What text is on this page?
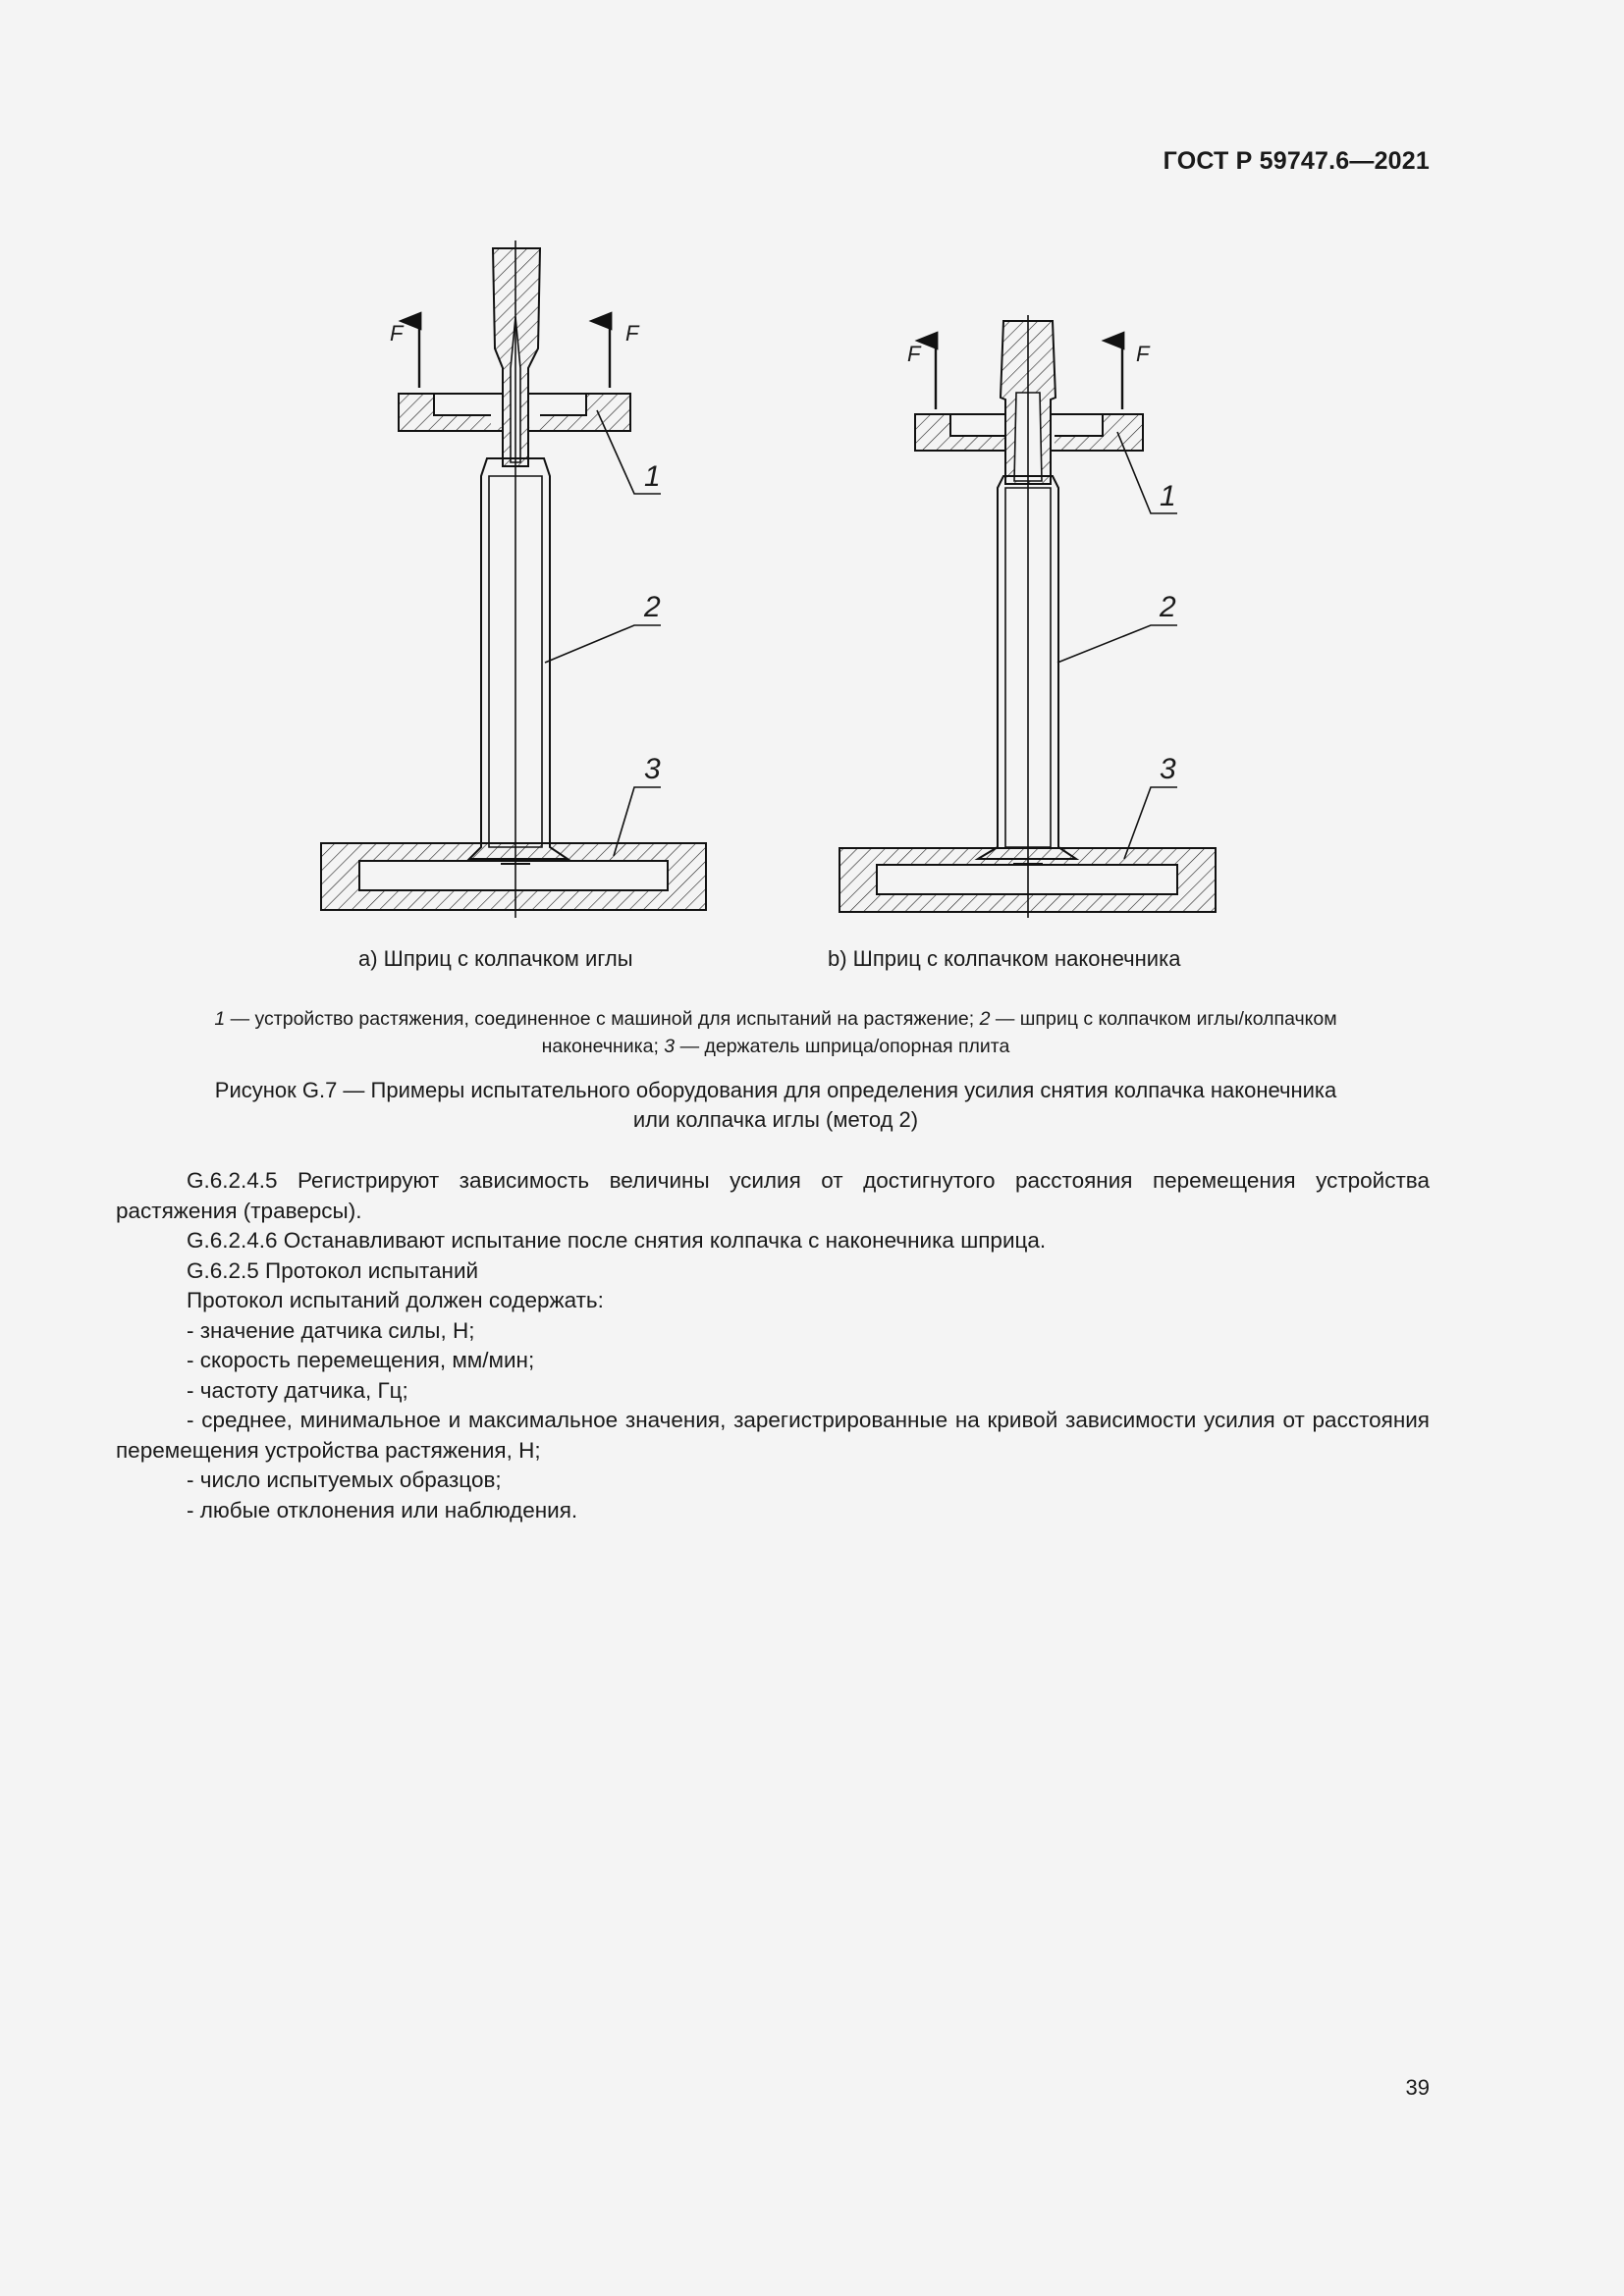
ГОСТ Р 59747.6—2021
F	F
1
2
3
F	F
1
2
3
a) Шприц с колпачком иглы	b) Шприц с колпачком наконечника
1 — устройство растяжения, соединенное с машиной для испытаний на растяжение; 2 — шприц с колпачком иглы/колпачком наконечника; 3 — держатель шприца/опорная плита
Рисунок G.7 — Примеры испытательного оборудования для определения усилия снятия колпачка наконечника или колпачка иглы (метод 2)

G.6.2.4.5 Регистрируют зависимость величины усилия от достигнутого расстояния перемещения устройства растяжения (траверсы).

G.6.2.4.6 Останавливают испытание после снятия колпачка с наконечника шприца.

G.6.2.5 Протокол испытаний

Протокол испытаний должен содержать:

- значение датчика силы, Н;

- скорость перемещения, мм/мин;

- частоту датчика, Гц;

- среднее, минимальное и максимальное значения, зарегистрированные на кривой зависимости усилия от расстояния перемещения устройства растяжения, Н;

- число испытуемых образцов;

- любые отклонения или наблюдения.

39
